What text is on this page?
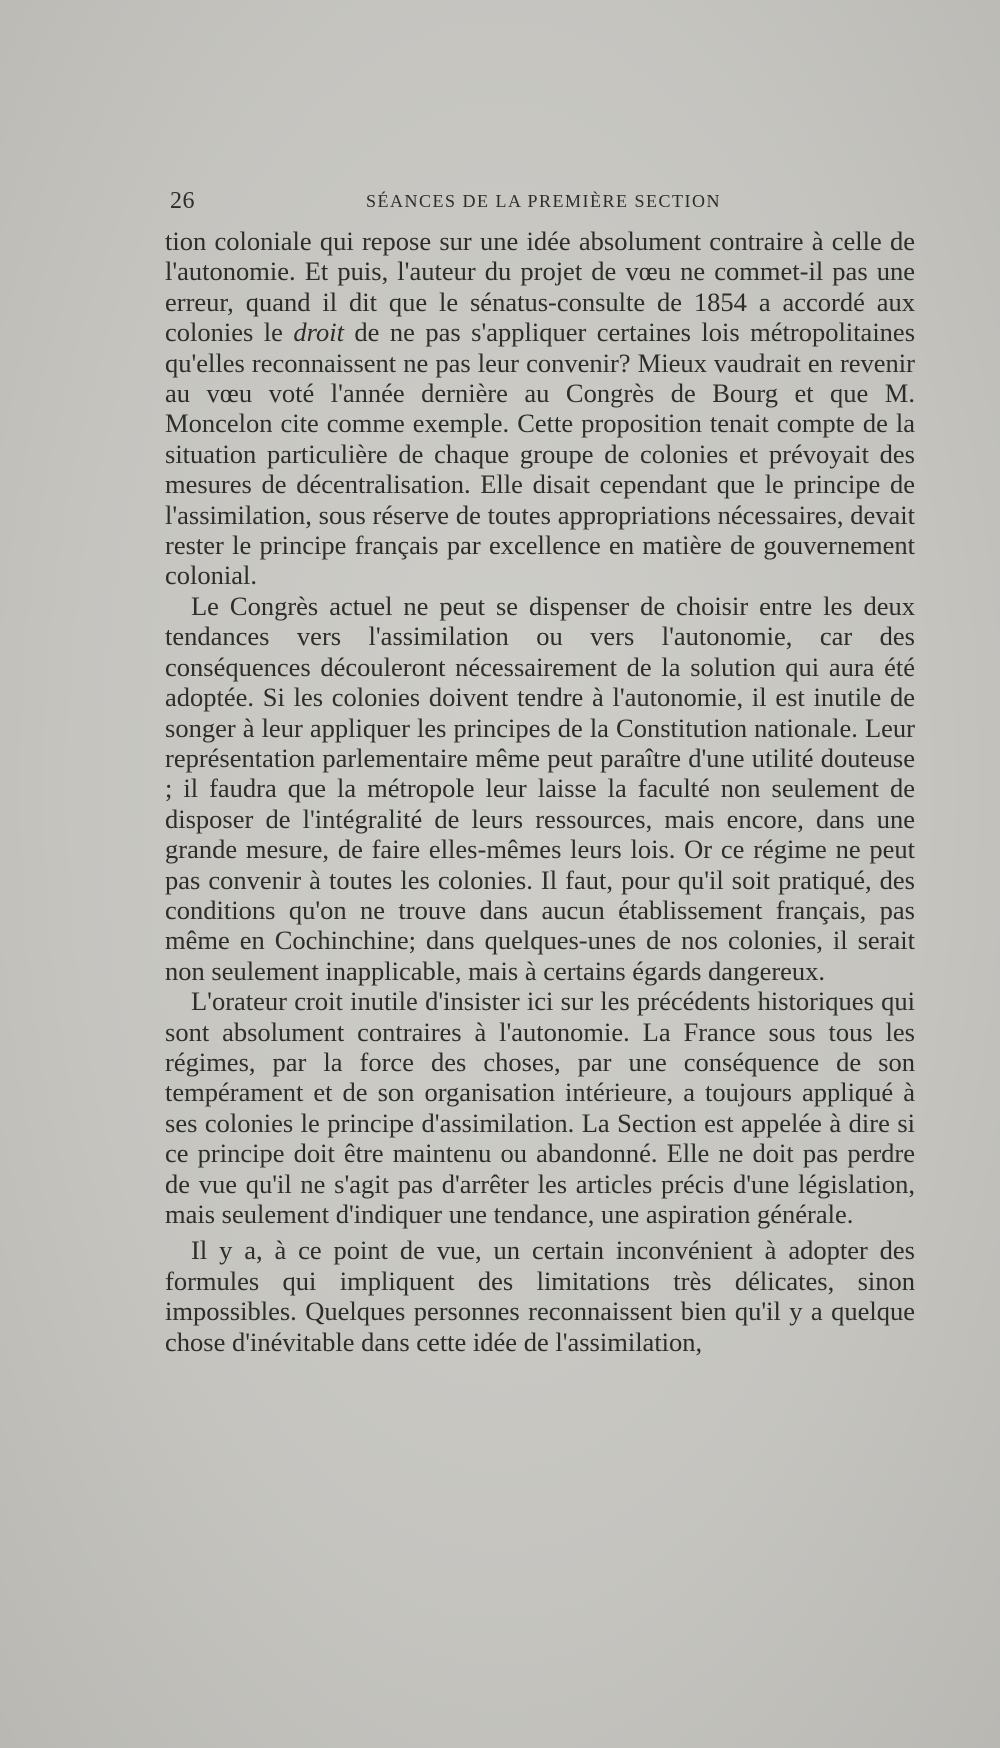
26	SÉANCES DE LA PREMIÈRE SECTION

tion coloniale qui repose sur une idée absolument contraire à celle de l'autonomie. Et puis, l'auteur du projet de vœu ne commet-il pas une erreur, quand il dit que le sénatus-consulte de 1854 a accordé aux colonies le droit de ne pas s'appliquer certaines lois métropolitaines qu'elles reconnaissent ne pas leur convenir? Mieux vaudrait en revenir au vœu voté l'année dernière au Congrès de Bourg et que M. Moncelon cite comme exemple. Cette proposition tenait compte de la situation particulière de chaque groupe de colonies et prévoyait des mesures de décentralisation. Elle disait cependant que le principe de l'assimilation, sous réserve de toutes appropriations nécessaires, devait rester le principe français par excellence en matière de gouvernement colonial.

Le Congrès actuel ne peut se dispenser de choisir entre les deux tendances vers l'assimilation ou vers l'autonomie, car des conséquences découleront nécessairement de la solution qui aura été adoptée. Si les colonies doivent tendre à l'autonomie, il est inutile de songer à leur appliquer les principes de la Constitution nationale. Leur représentation parlementaire même peut paraître d'une utilité douteuse ; il faudra que la métropole leur laisse la faculté non seulement de disposer de l'intégralité de leurs ressources, mais encore, dans une grande mesure, de faire elles-mêmes leurs lois. Or ce régime ne peut pas convenir à toutes les colonies. Il faut, pour qu'il soit pratiqué, des conditions qu'on ne trouve dans aucun établissement français, pas même en Cochinchine; dans quelques-unes de nos colonies, il serait non seulement inapplicable, mais à certains égards dangereux.

L'orateur croit inutile d'insister ici sur les précédents historiques qui sont absolument contraires à l'autonomie. La France sous tous les régimes, par la force des choses, par une conséquence de son tempérament et de son organisation intérieure, a toujours appliqué à ses colonies le principe d'assimilation. La Section est appelée à dire si ce principe doit être maintenu ou abandonné. Elle ne doit pas perdre de vue qu'il ne s'agit pas d'arrêter les articles précis d'une législation, mais seulement d'indiquer une tendance, une aspiration générale.

Il y a, à ce point de vue, un certain inconvénient à adopter des formules qui impliquent des limitations très délicates, sinon impossibles. Quelques personnes reconnaissent bien qu'il y a quelque chose d'inévitable dans cette idée de l'assimilation,
